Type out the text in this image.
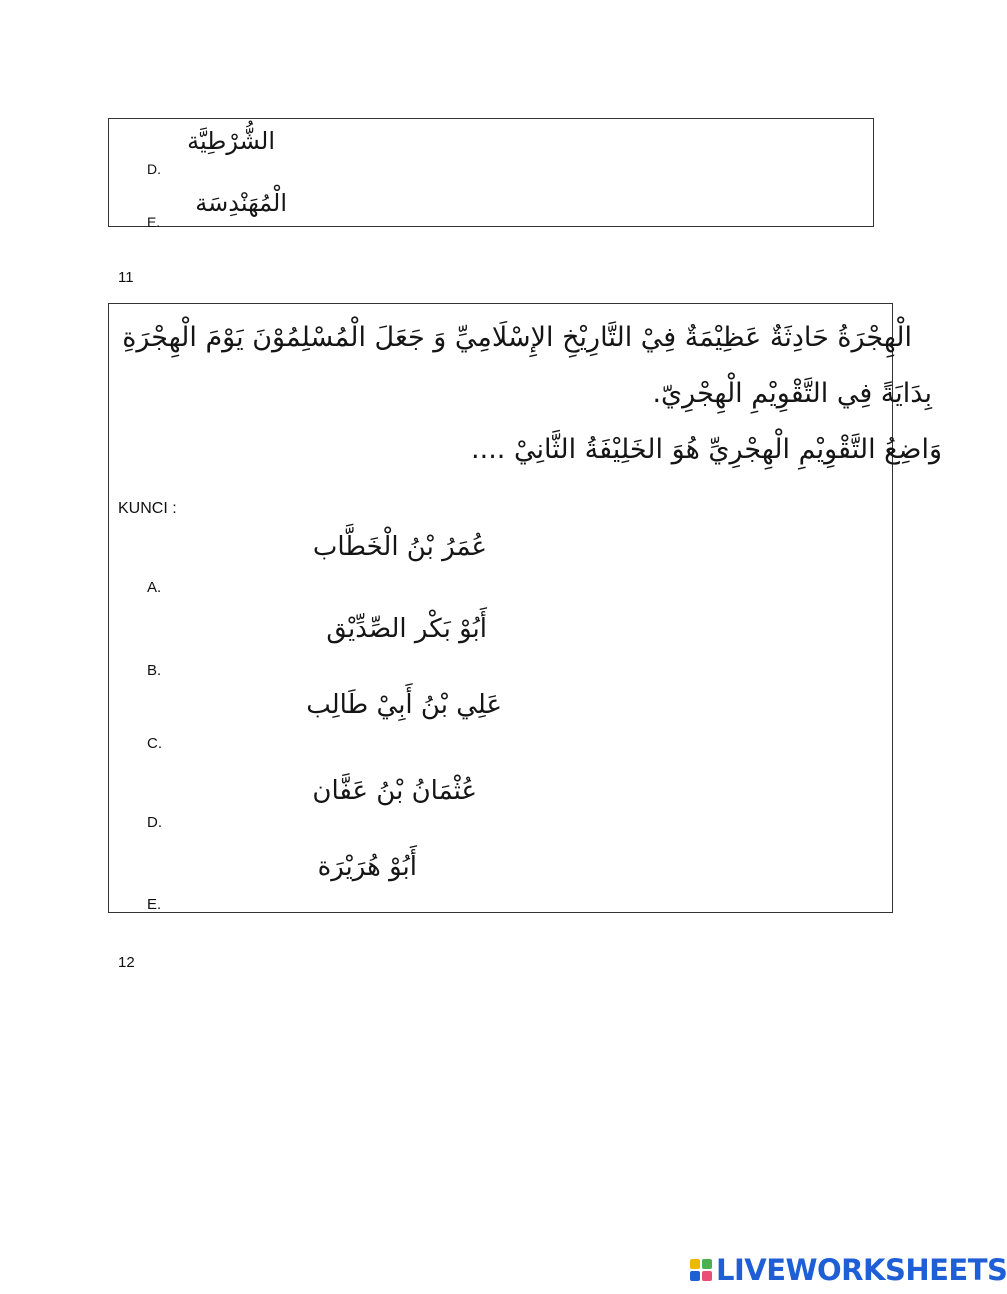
الشُّرْطِيَّة
D.
الْمُهَنْدِسَة
E.
11
الْهِجْرَةُ حَادِثَةٌ عَظِيْمَةٌ فِيْ التَّارِيْخِ الإِسْلَامِيِّ وَ جَعَلَ الْمُسْلِمُوْنَ يَوْمَ الْهِجْرَةِ
بِدَايَةً فِي التَّقْوِيْمِ الْهِجْرِيّ.
وَاضِعُ التَّقْوِيْمِ الْهِجْرِيِّ هُوَ الخَلِيْفَةُ الثَّانِيْ ....
KUNCI :
عُمَرُ بْنُ الْخَطَّاب
A.
أَبُوْ بَكْر الصِّدِّيْق
B.
عَلِي بْنُ أَبِيْ طَالِب
C.
عُثْمَانُ بْنُ عَفَّان
D.
أَبُوْ هُرَيْرَة
E.
12
LIVEWORKSHEETS
